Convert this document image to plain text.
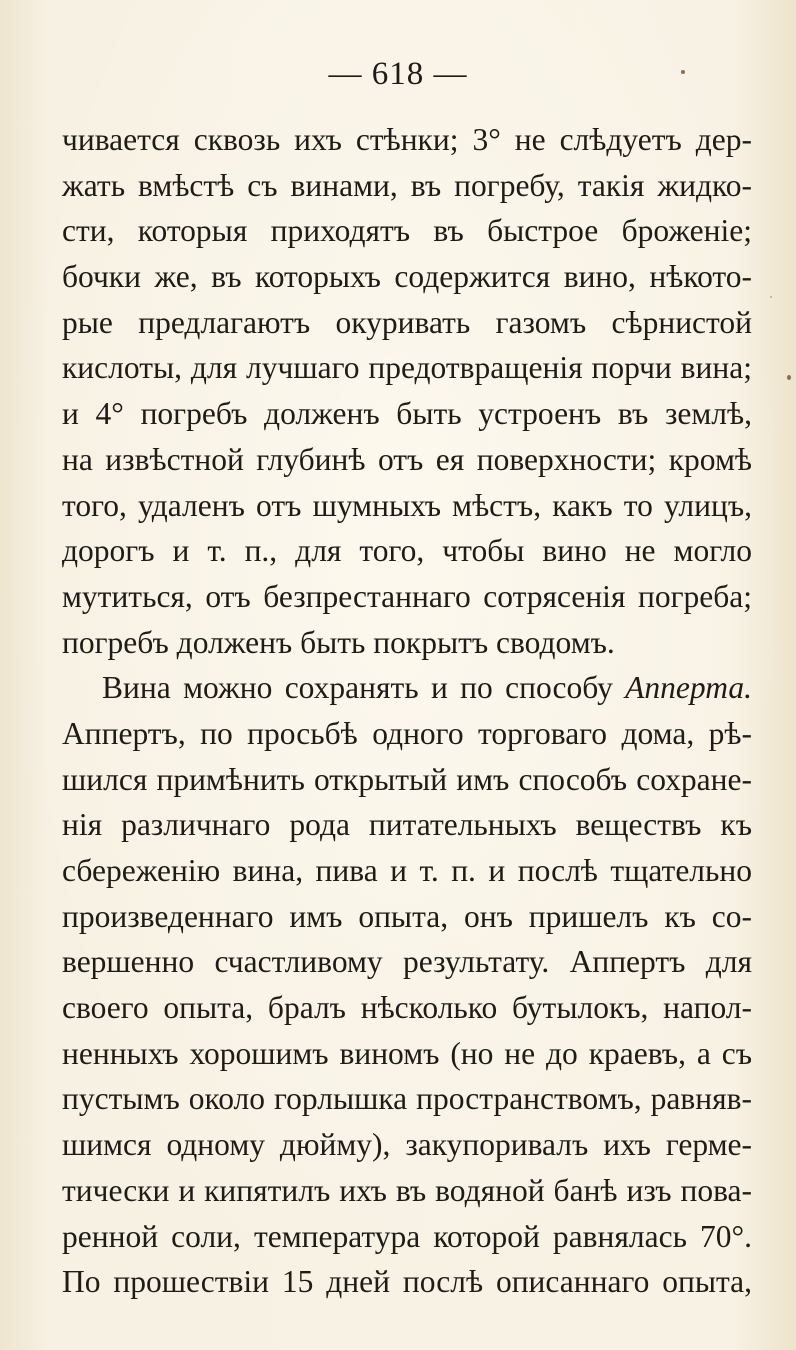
— 618 —
чивается сквозь ихъ стѣнки; 3° не слѣдуетъ дер-
жать вмѣстѣ съ винами, въ погребу, такія жидко-
сти, которыя приходятъ въ быстрое броженіе;
бочки же, въ которыхъ содержится вино, нѣкото-
рые предлагаютъ окуривать газомъ сѣрнистой
кислоты, для лучшаго предотвращенія порчи вина;
и 4° погребъ долженъ быть устроенъ въ землѣ,
на извѣстной глубинѣ отъ ея поверхности; кромѣ
того, удаленъ отъ шумныхъ мѣстъ, какъ то улицъ,
дорогъ и т. п., для того, чтобы вино не могло
мутиться, отъ безпрестаннаго сотрясенія погреба;
погребъ долженъ быть покрытъ сводомъ.
Вина можно сохранять и по способу Апперта.
Аппертъ, по просьбѣ одного торговаго дома, рѣ-
шился примѣнить открытый имъ способъ сохране-
нія различнаго рода питательныхъ веществъ къ
сбереженію вина, пива и т. п. и послѣ тщательно
произведеннаго имъ опыта, онъ пришелъ къ со-
вершенно счастливому результату. Аппертъ для
своего опыта, бралъ нѣсколько бутылокъ, напол-
ненныхъ хорошимъ виномъ (но не до краевъ, а съ
пустымъ около горлышка пространствомъ, равняв-
шимся одному дюйму), закупоривалъ ихъ герме-
тически и кипятилъ ихъ въ водяной банѣ изъ пова-
ренной соли, температура которой равнялась 70°.
По прошествіи 15 дней послѣ описаннаго опыта,
